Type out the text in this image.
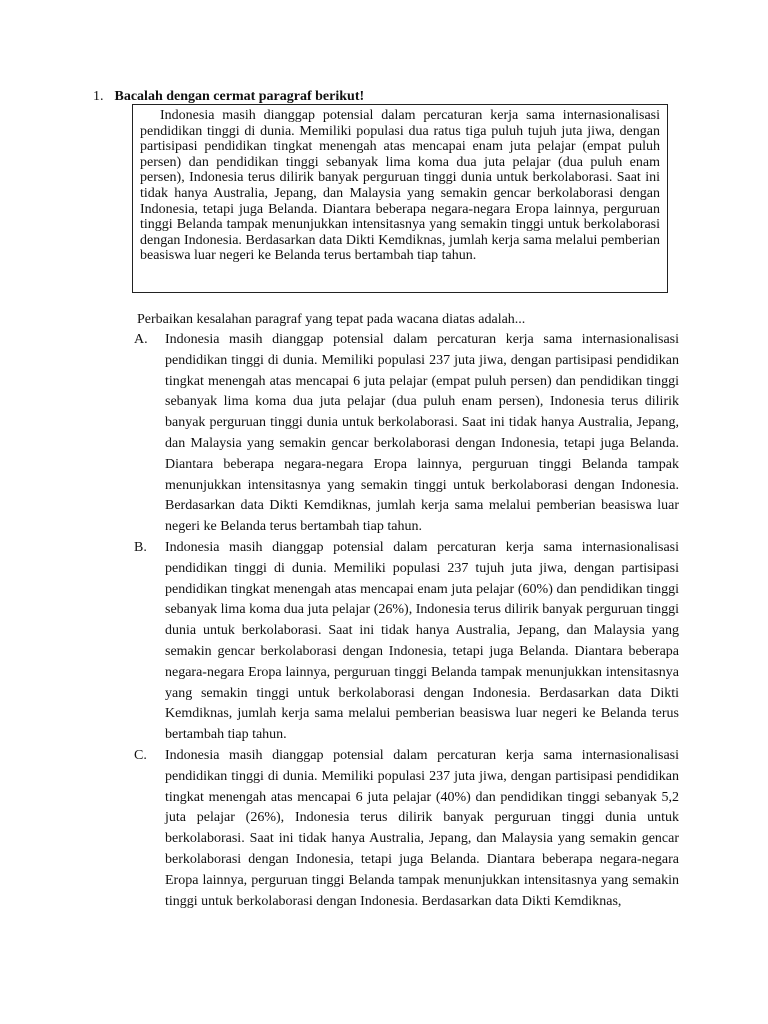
1. Bacalah dengan cermat paragraf berikut!

Indonesia masih dianggap potensial dalam percaturan kerja sama internasionalisasi pendidikan tinggi di dunia. Memiliki populasi dua ratus tiga puluh tujuh juta jiwa, dengan partisipasi pendidikan tingkat menengah atas mencapai enam juta pelajar (empat puluh persen) dan pendidikan tinggi sebanyak lima koma dua juta pelajar (dua puluh enam persen), Indonesia terus dilirik banyak perguruan tinggi dunia untuk berkolaborasi. Saat ini tidak hanya Australia, Jepang, dan Malaysia yang semakin gencar berkolaborasi dengan Indonesia, tetapi juga Belanda. Diantara beberapa negara-negara Eropa lainnya, perguruan tinggi Belanda tampak menunjukkan intensitasnya yang semakin tinggi untuk berkolaborasi dengan Indonesia. Berdasarkan data Dikti Kemdiknas, jumlah kerja sama melalui pemberian beasiswa luar negeri ke Belanda terus bertambah tiap tahun.

Perbaikan kesalahan paragraf yang tepat pada wacana diatas adalah...
A.	Indonesia masih dianggap potensial dalam percaturan kerja sama internasionalisasi pendidikan tinggi di dunia. Memiliki populasi 237 juta jiwa, dengan partisipasi pendidikan tingkat menengah atas mencapai 6 juta pelajar (empat puluh persen) dan pendidikan tinggi sebanyak lima koma dua juta pelajar (dua puluh enam persen), Indonesia terus dilirik banyak perguruan tinggi dunia untuk berkolaborasi. Saat ini tidak hanya Australia, Jepang, dan Malaysia yang semakin gencar berkolaborasi dengan Indonesia, tetapi juga Belanda. Diantara beberapa negara-negara Eropa lainnya, perguruan tinggi Belanda tampak menunjukkan intensitasnya yang semakin tinggi untuk berkolaborasi dengan Indonesia. Berdasarkan data Dikti Kemdiknas, jumlah kerja sama melalui pemberian beasiswa luar negeri ke Belanda terus bertambah tiap tahun.

B.	Indonesia masih dianggap potensial dalam percaturan kerja sama internasionalisasi pendidikan tinggi di dunia. Memiliki populasi 237 tujuh juta jiwa, dengan partisipasi pendidikan tingkat menengah atas mencapai enam juta pelajar (60%) dan pendidikan tinggi sebanyak lima koma dua juta pelajar (26%), Indonesia terus dilirik banyak perguruan tinggi dunia untuk berkolaborasi. Saat ini tidak hanya Australia, Jepang, dan Malaysia yang semakin gencar berkolaborasi dengan Indonesia, tetapi juga Belanda. Diantara beberapa negara-negara Eropa lainnya, perguruan tinggi Belanda tampak menunjukkan intensitasnya yang semakin tinggi untuk berkolaborasi dengan Indonesia. Berdasarkan data Dikti Kemdiknas, jumlah kerja sama melalui pemberian beasiswa luar negeri ke Belanda terus bertambah tiap tahun.

C.	Indonesia masih dianggap potensial dalam percaturan kerja sama internasionalisasi pendidikan tinggi di dunia. Memiliki populasi 237 juta jiwa, dengan partisipasi pendidikan tingkat menengah atas mencapai 6 juta pelajar (40%) dan pendidikan tinggi sebanyak 5,2 juta pelajar (26%), Indonesia terus dilirik banyak perguruan tinggi dunia untuk berkolaborasi. Saat ini tidak hanya Australia, Jepang, dan Malaysia yang semakin gencar berkolaborasi dengan Indonesia, tetapi juga Belanda. Diantara beberapa negara-negara Eropa lainnya, perguruan tinggi Belanda tampak menunjukkan intensitasnya yang semakin tinggi untuk berkolaborasi dengan Indonesia. Berdasarkan data Dikti Kemdiknas,
